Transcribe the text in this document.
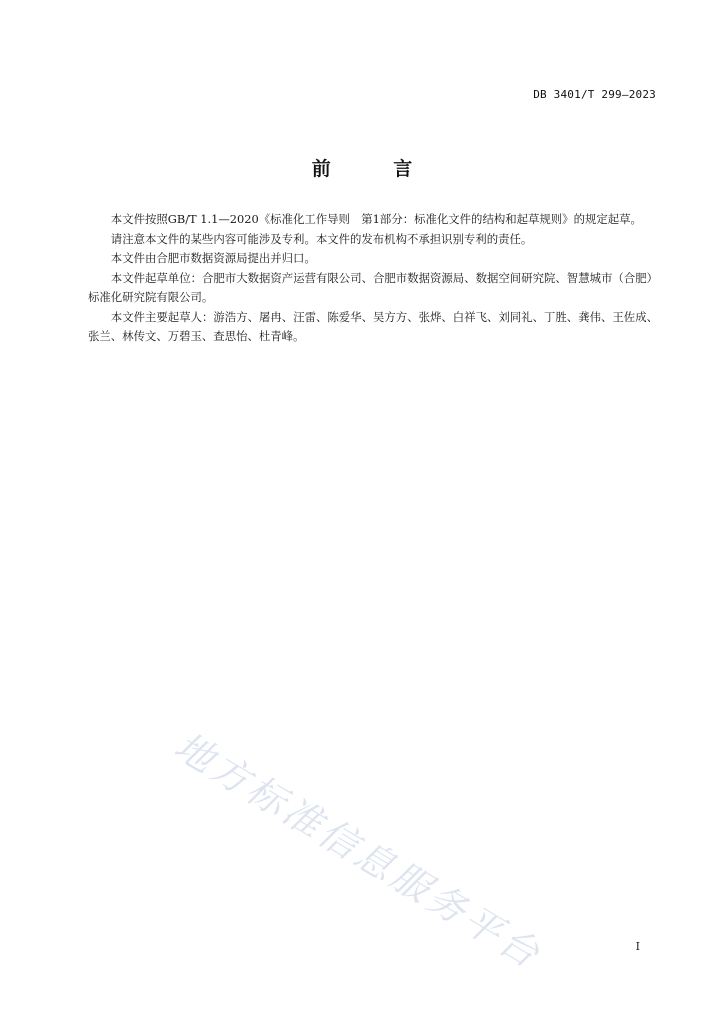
DB 3401/T 299—2023
前 言

本文件按照GB/T 1.1—2020《标准化工作导则　第1部分：标准化文件的结构和起草规则》的规定起草。

请注意本文件的某些内容可能涉及专利。本文件的发布机构不承担识别专利的责任。

本文件由合肥市数据资源局提出并归口。

本文件起草单位：合肥市大数据资产运营有限公司、合肥市数据资源局、数据空间研究院、智慧城市（合肥）标准化研究院有限公司。

本文件主要起草人：游浩方、屠冉、汪雷、陈爱华、吴方方、张烨、白祥飞、刘同礼、丁胜、龚伟、王佐成、张兰、林传文、万碧玉、查思怡、杜青峰。

地方标准信息服务平台	I
